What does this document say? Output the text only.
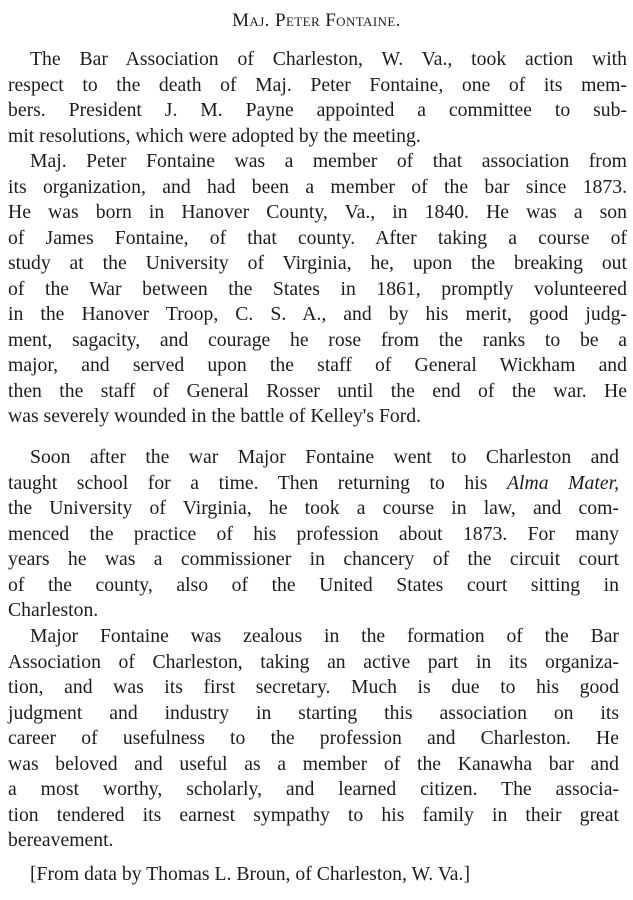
Maj. Peter Fontaine.
The Bar Association of Charleston, W. Va., took action with
respect to the death of Maj. Peter Fontaine, one of its mem-
bers. President J. M. Payne appointed a committee to sub-
mit resolutions, which were adopted by the meeting.
Maj. Peter Fontaine was a member of that association from
its organization, and had been a member of the bar since 1873.
He was born in Hanover County, Va., in 1840. He was a son
of James Fontaine, of that county. After taking a course of
study at the University of Virginia, he, upon the breaking out
of the War between the States in 1861, promptly volunteered
in the Hanover Troop, C. S. A., and by his merit, good judg-
ment, sagacity, and courage he rose from the ranks to be a
major, and served upon the staff of General Wickham and
then the staff of General Rosser until the end of the war. He
was severely wounded in the battle of Kelley's Ford.
Soon after the war Major Fontaine went to Charleston and
taught school for a time. Then returning to his Alma Mater,
the University of Virginia, he took a course in law, and com-
menced the practice of his profession about 1873. For many
years he was a commissioner in chancery of the circuit court
of the county, also of the United States court sitting in
Charleston.
Major Fontaine was zealous in the formation of the Bar
Association of Charleston, taking an active part in its organiza-
tion, and was its first secretary. Much is due to his good
judgment and industry in starting this association on its
career of usefulness to the profession and Charleston. He
was beloved and useful as a member of the Kanawha bar and
a most worthy, scholarly, and learned citizen. The associa-
tion tendered its earnest sympathy to his family in their great
bereavement.
[From data by Thomas L. Broun, of Charleston, W. Va.]
